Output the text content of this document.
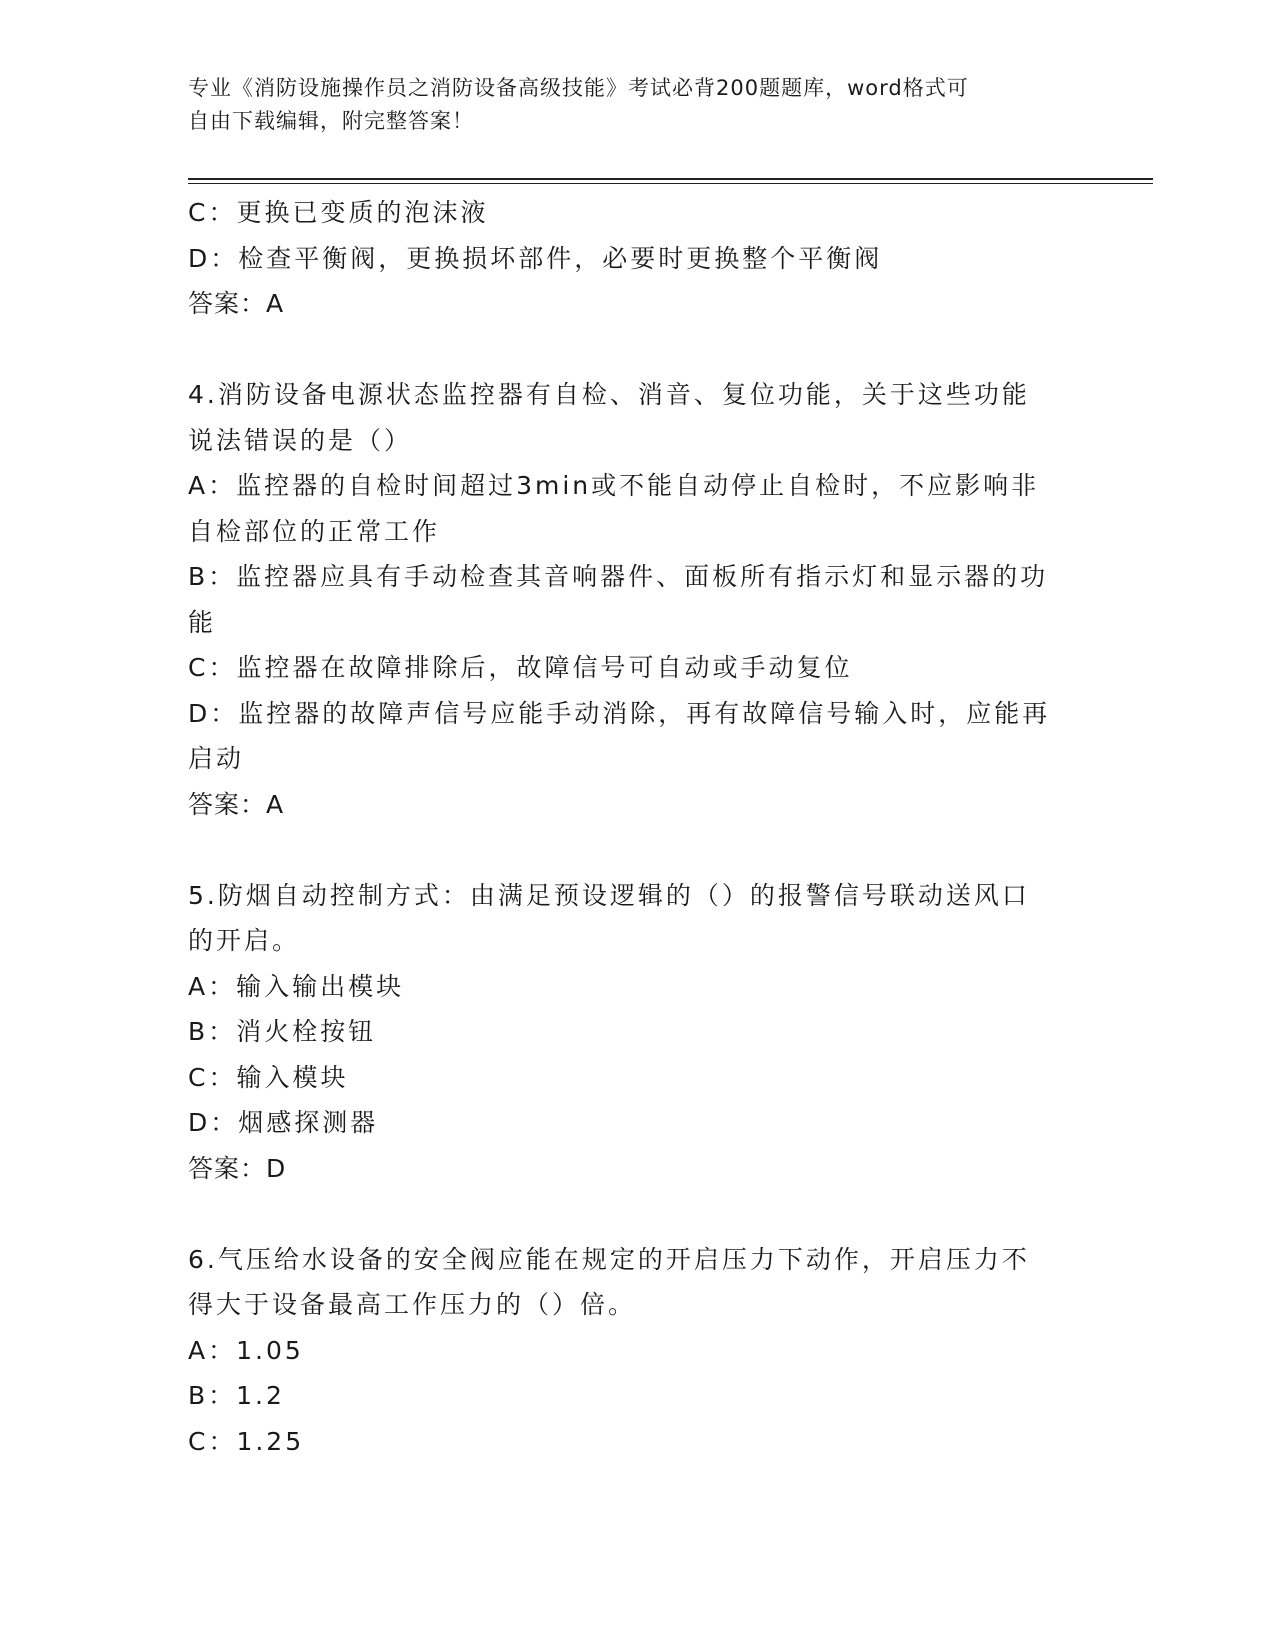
专业《消防设施操作员之消防设备高级技能》考试必背200题题库，word格式可
自由下载编辑，附完整答案！
C：更换已变质的泡沫液
D：检查平衡阀，更换损坏部件，必要时更换整个平衡阀
答案：A
4.消防设备电源状态监控器有自检、消音、复位功能，关于这些功能
说法错误的是（）
A：监控器的自检时间超过3min或不能自动停止自检时，不应影响非
自检部位的正常工作
B：监控器应具有手动检查其音响器件、面板所有指示灯和显示器的功
能
C：监控器在故障排除后，故障信号可自动或手动复位
D：监控器的故障声信号应能手动消除，再有故障信号输入时，应能再
启动
答案：A
5.防烟自动控制方式：由满足预设逻辑的（）的报警信号联动送风口
的开启。
A：输入输出模块
B：消火栓按钮
C：输入模块
D：烟感探测器
答案：D
6.气压给水设备的安全阀应能在规定的开启压力下动作，开启压力不
得大于设备最高工作压力的（）倍。
A：1.05
B：1.2
C：1.25
